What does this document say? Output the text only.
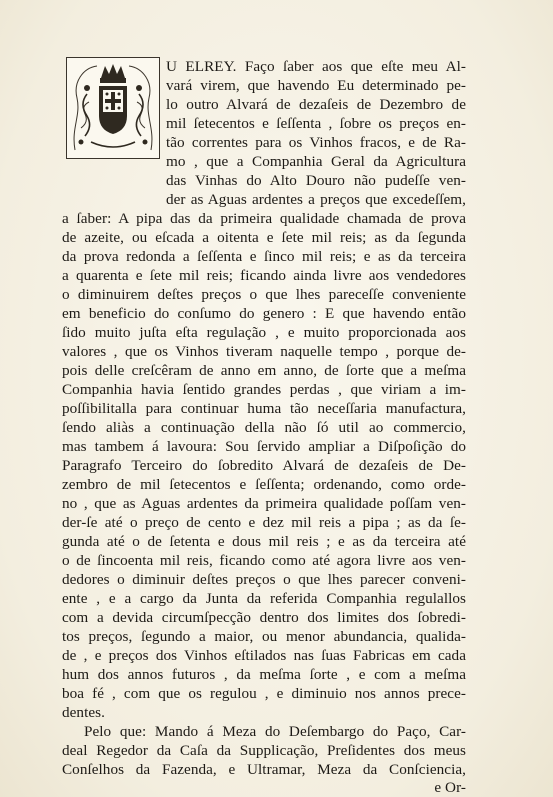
U ELREY. Faço ſaber aos que eſte meu Al-
vará virem, que havendo Eu determinado pe-
lo outro Alvará de dezaſeis de Dezembro de
mil ſetecentos e ſeſſenta , ſobre os preços en-
tão correntes para os Vinhos fracos, e de Ra-
mo , que a Companhia Geral da Agricultura
das Vinhas do Alto Douro não pudeſſe ven-
der as Aguas ardentes a preços que excedeſſem,
a ſaber: A pipa das da primeira qualidade chamada de prova
de azeite, ou eſcada a oitenta e ſete mil reis; as da ſegunda
da prova redonda a ſeſſenta e ſinco mil reis; e as da terceira
a quarenta e ſete mil reis; ficando ainda livre aos vendedores
o diminuirem deſtes preços o que lhes pareceſſe conveniente
em beneficio do conſumo do genero : E que havendo então
ſido muito juſta eſta regulação , e muito proporcionada aos
valores , que os Vinhos tiveram naquelle tempo , porque de-
pois delle creſcêram de anno em anno, de ſorte que a meſma
Companhia havia ſentido grandes perdas , que viriam a im-
poſſibilitalla para continuar huma tão neceſſaria manufactura,
ſendo aliàs a continuação della não ſó util ao commercio,
mas tambem á lavoura: Sou ſervido ampliar a Diſpoſição do
Paragrafo Terceiro do ſobredito Alvará de dezaſeis de De-
zembro de mil ſetecentos e ſeſſenta; ordenando, como orde-
no , que as Aguas ardentes da primeira qualidade poſſam ven-
der-ſe até o preço de cento e dez mil reis a pipa ; as da ſe-
gunda até o de ſetenta e dous mil reis ; e as da terceira até
o de ſincoenta mil reis, ficando como até agora livre aos ven-
dedores o diminuir deſtes preços o que lhes parecer conveni-
ente , e a cargo da Junta da referida Companhia regulallos
com a devida circumſpecção dentro dos limites dos ſobredi-
tos preços, ſegundo a maior, ou menor abundancia, qualida-
de , e preços dos Vinhos eſtilados nas ſuas Fabricas em cada
hum dos annos futuros , da meſma ſorte , e com a meſma
boa fé , com que os regulou , e diminuio nos annos prece-
dentes.
Pelo que: Mando á Meza do Deſembargo do Paço, Car-
deal Regedor da Caſa da Supplicação, Preſidentes dos meus
Conſelhos da Fazenda, e Ultramar, Meza da Conſciencia,
e Or-
